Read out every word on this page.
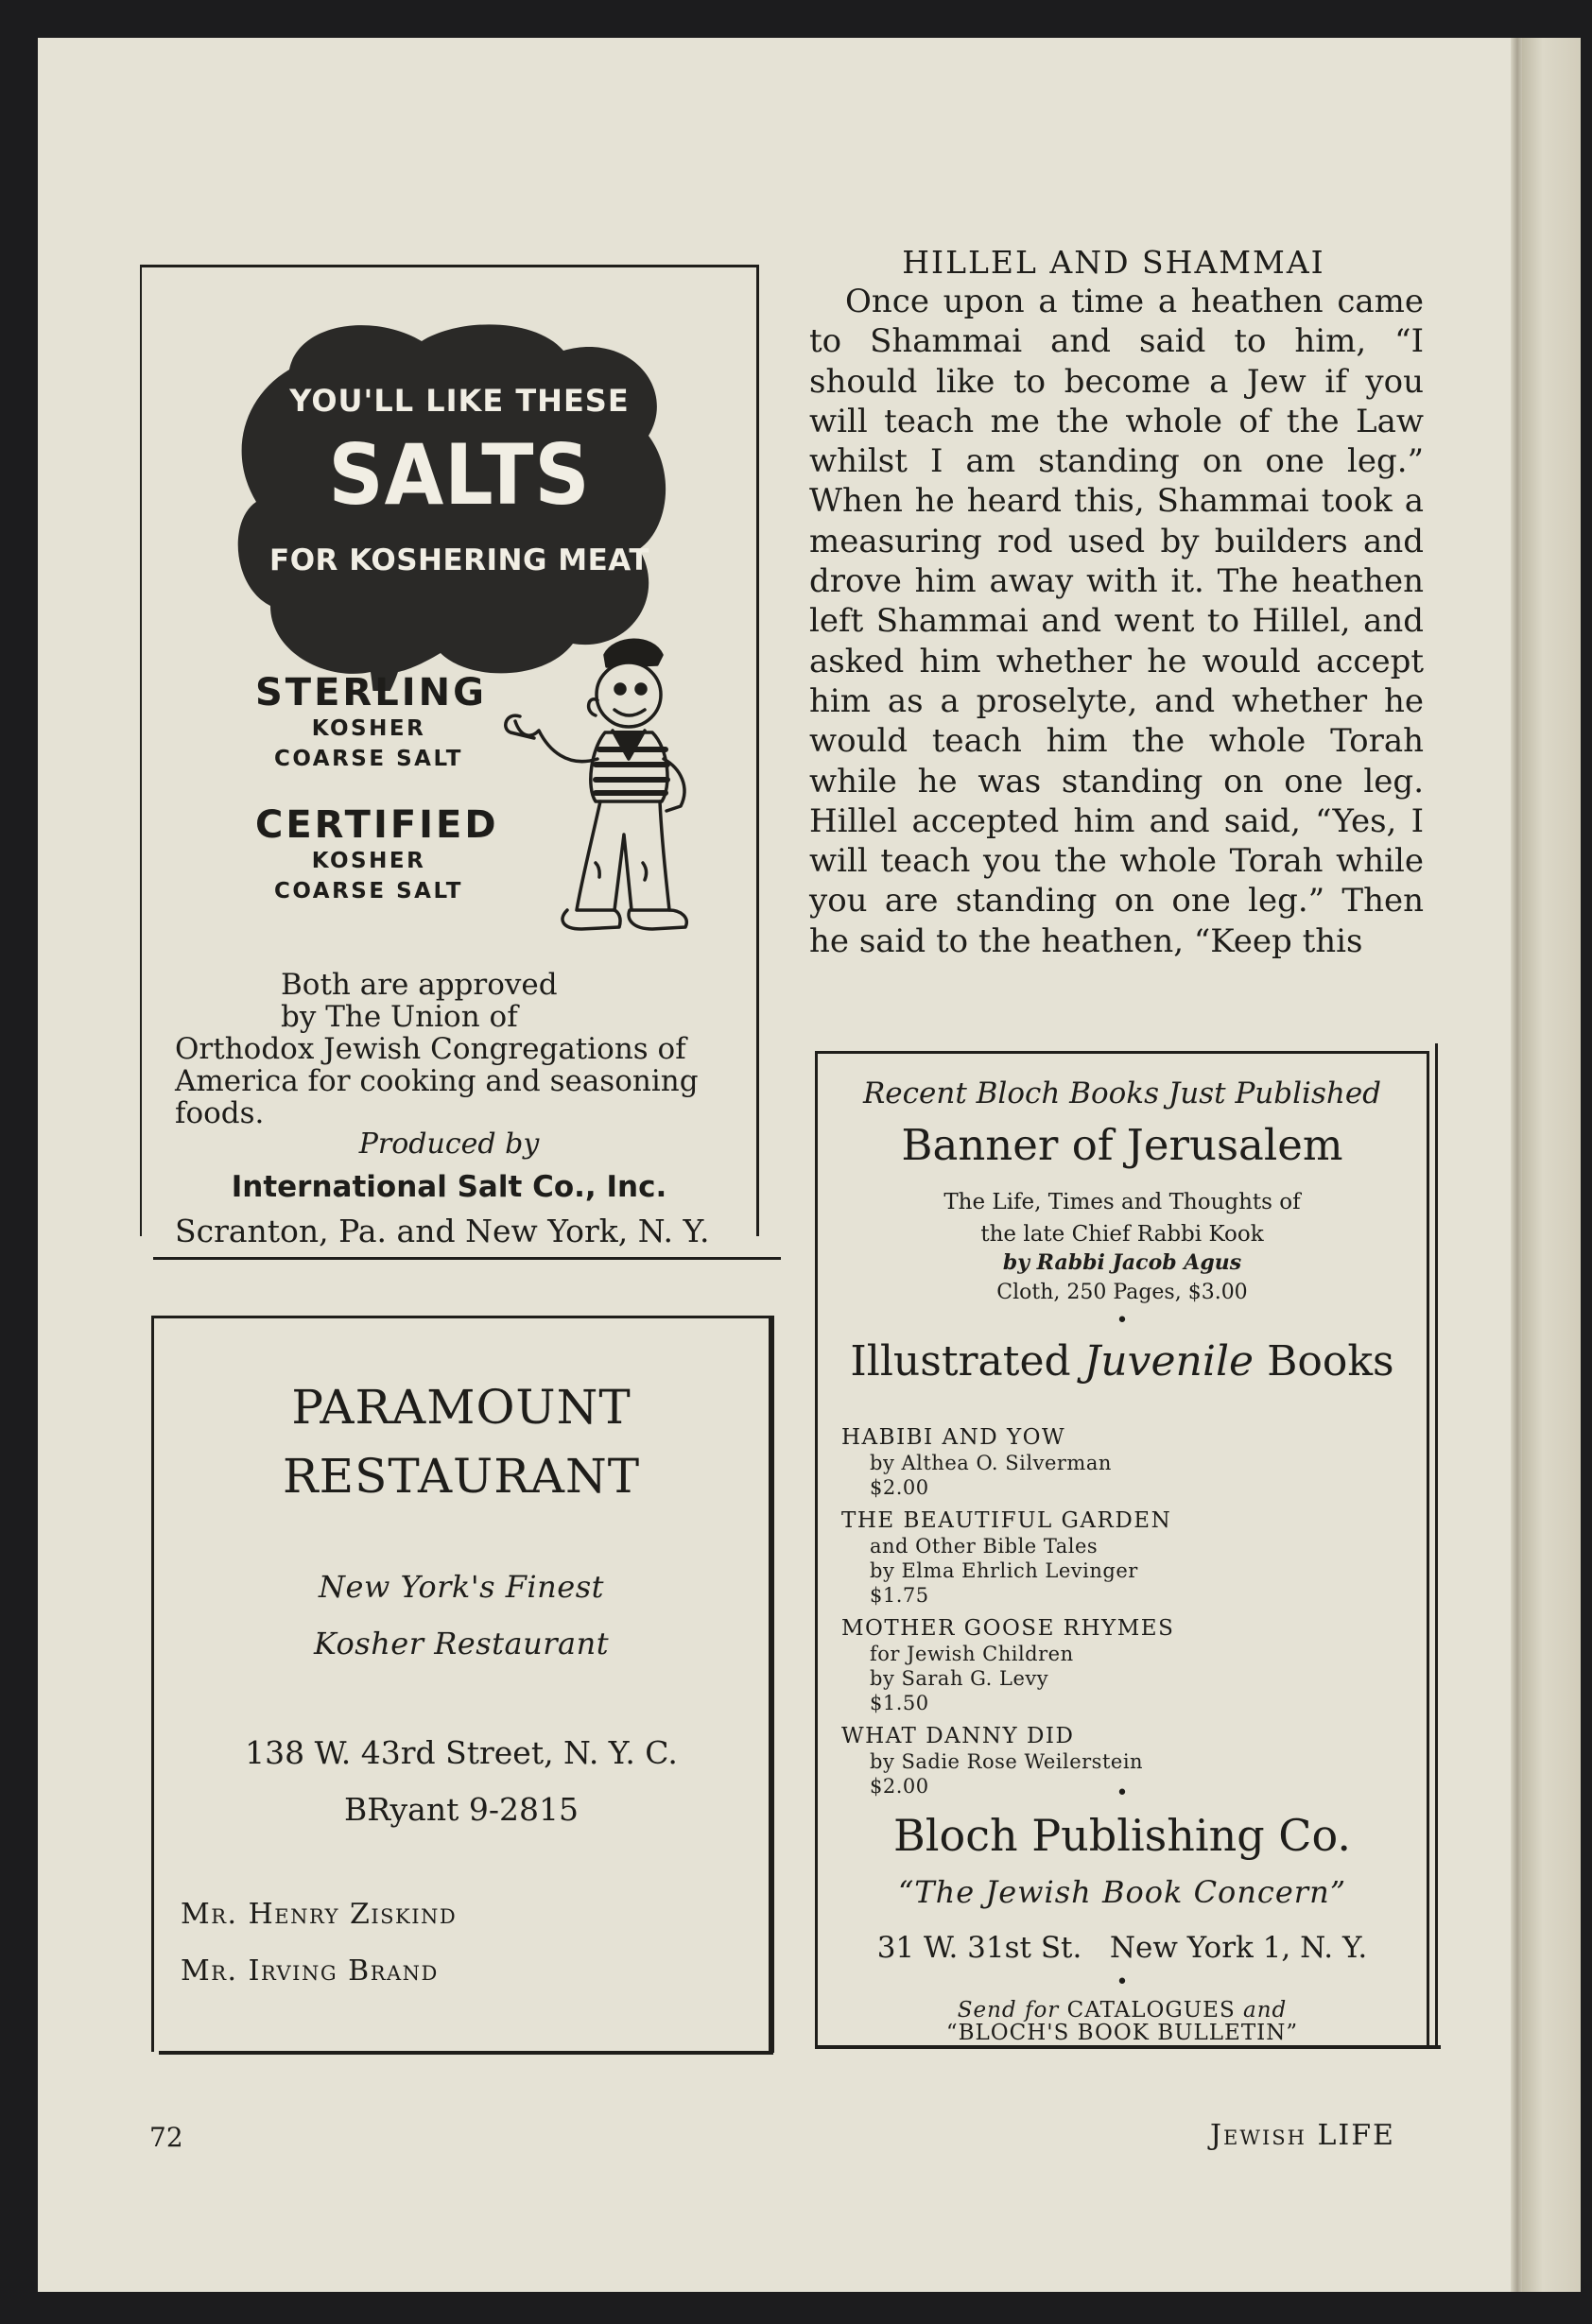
YOU'LL LIKE THESE
SALTS
FOR KOSHERING MEAT
STERLING
KOSHER
COARSE SALT
CERTIFIED
KOSHER
COARSE SALT
Both are approved
by The Union of
Orthodox Jewish Congregations of
America for cooking and seasoning
foods.
Produced by
International Salt Co., Inc.
Scranton, Pa. and New York, N. Y.
PARAMOUNT
RESTAURANT
New York's Finest
Kosher Restaurant
138 W. 43rd Street, N. Y. C.
BRyant 9-2815
Mr. Henry Ziskind
Mr. Irving Brand
HILLEL AND SHAMMAI
Once upon a time a heathen came to Shammai and said to him, “I should like to become a Jew if you will teach me the whole of the Law whilst I am standing on one leg.” When he heard this, Shammai took a measuring rod used by builders and drove him away with it. The heathen left Shammai and went to Hillel, and asked him whether he would accept him as a proselyte, and whether he would teach him the whole Torah while he was standing on one leg. Hillel accepted him and said, “Yes, I will teach you the whole Torah while you are standing on one leg.” Then he said to the heathen, “Keep this
Recent Bloch Books Just Published
Banner of Jerusalem
The Life, Times and Thoughts of
the late Chief Rabbi Kook
by Rabbi Jacob Agus
Cloth, 250 Pages, $3.00
•
Illustrated Juvenile Books
HABIBI AND YOW
by Althea O. Silverman
$2.00
THE BEAUTIFUL GARDEN
and Other Bible Tales
by Elma Ehrlich Levinger
$1.75
MOTHER GOOSE RHYMES
for Jewish Children
by Sarah G. Levy
$1.50
WHAT DANNY DID
by Sadie Rose Weilerstein
$2.00	•
Bloch Publishing Co.
“The Jewish Book Concern”
31 W. 31st St.   New York 1, N. Y.
•
Send for CATALOGUES and
“BLOCH'S BOOK BULLETIN”
72	Jewish LIFE
